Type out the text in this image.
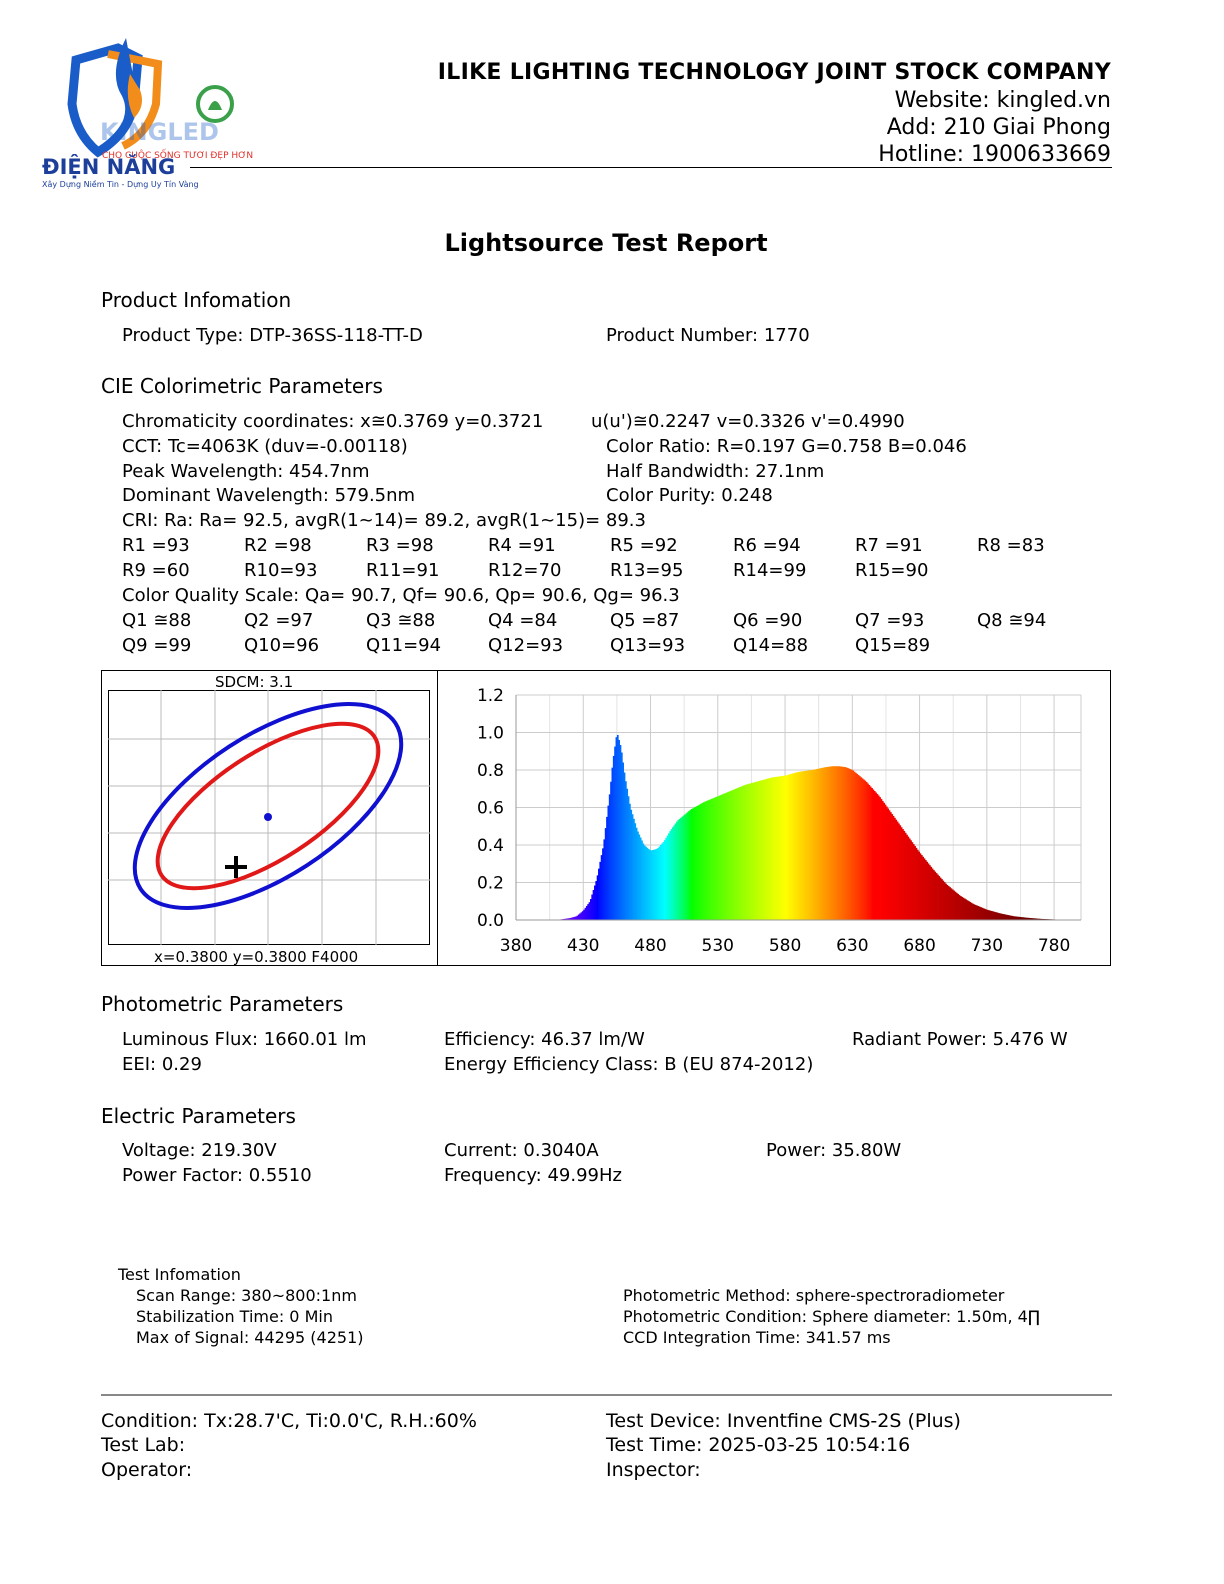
KINGLED
CHO CUỘC SỐNG TƯƠI ĐẸP HƠN
ĐIỆN NĂNG
Xây Dựng Niềm Tin - Dựng Uy Tín Vàng
ILIKE LIGHTING TECHNOLOGY JOINT STOCK COMPANY
Website: kingled.vn
Add: 210 Giai Phong
Hotline: 1900633669
Lightsource Test Report
Product Infomation
Product Type: DTP-36SS-118-TT-D	Product Number: 1770
CIE Colorimetric Parameters
Chromaticity coordinates: x≅0.3769 y=0.3721	u(u')≅0.2247 v=0.3326 v'=0.4990
CCT: Tc=4063K (duv=-0.00118)	Color Ratio: R=0.197 G=0.758 B=0.046
Peak Wavelength: 454.7nm	Half Bandwidth: 27.1nm
Dominant Wavelength: 579.5nm	Color Purity: 0.248
CRI: Ra: Ra= 92.5, avgR(1~14)= 89.2, avgR(1~15)= 89.3
R1 =93	R2 =98	R3 =98	R4 =91	R5 =92	R6 =94	R7 =91	R8 =83
R9 =60	R10=93	R11=91	R12=70	R13=95	R14=99	R15=90
Color Quality Scale: Qa= 90.7, Qf= 90.6, Qp= 90.6, Qg= 96.3
Q1 ≅88	Q2 =97	Q3 ≅88	Q4 =84	Q5 =87	Q6 =90	Q7 =93	Q8 ≅94
Q9 =99	Q10=96	Q11=94	Q12=93	Q13=93	Q14=88	Q15=89
SDCM: 3.1
x=0.3800 y=0.3800 F4000
0.0
0.2
0.4
0.6
0.8
1.0
1.2
380 430 480 530 580 630 680 730 780
Photometric Parameters
Luminous Flux: 1660.01 lm	Efficiency: 46.37 lm/W	Radiant Power: 5.476 W
EEI: 0.29	Energy Efficiency Class: B (EU 874-2012)
Electric Parameters
Voltage: 219.30V	Current: 0.3040A	Power: 35.80W
Power Factor: 0.5510	Frequency: 49.99Hz
Test Infomation
Scan Range: 380~800:1nm
Stabilization Time: 0 Min
Max of Signal: 44295 (4251)
Photometric Method: sphere-spectroradiometer
Photometric Condition: Sphere diameter: 1.50m, 4∏
CCD Integration Time: 341.57 ms
Condition: Tx:28.7'C, Ti:0.0'C, R.H.:60%	Test Device: Inventfine CMS-2S (Plus)
Test Lab:	Test Time: 2025-03-25 10:54:16
Operator:	Inspector:
